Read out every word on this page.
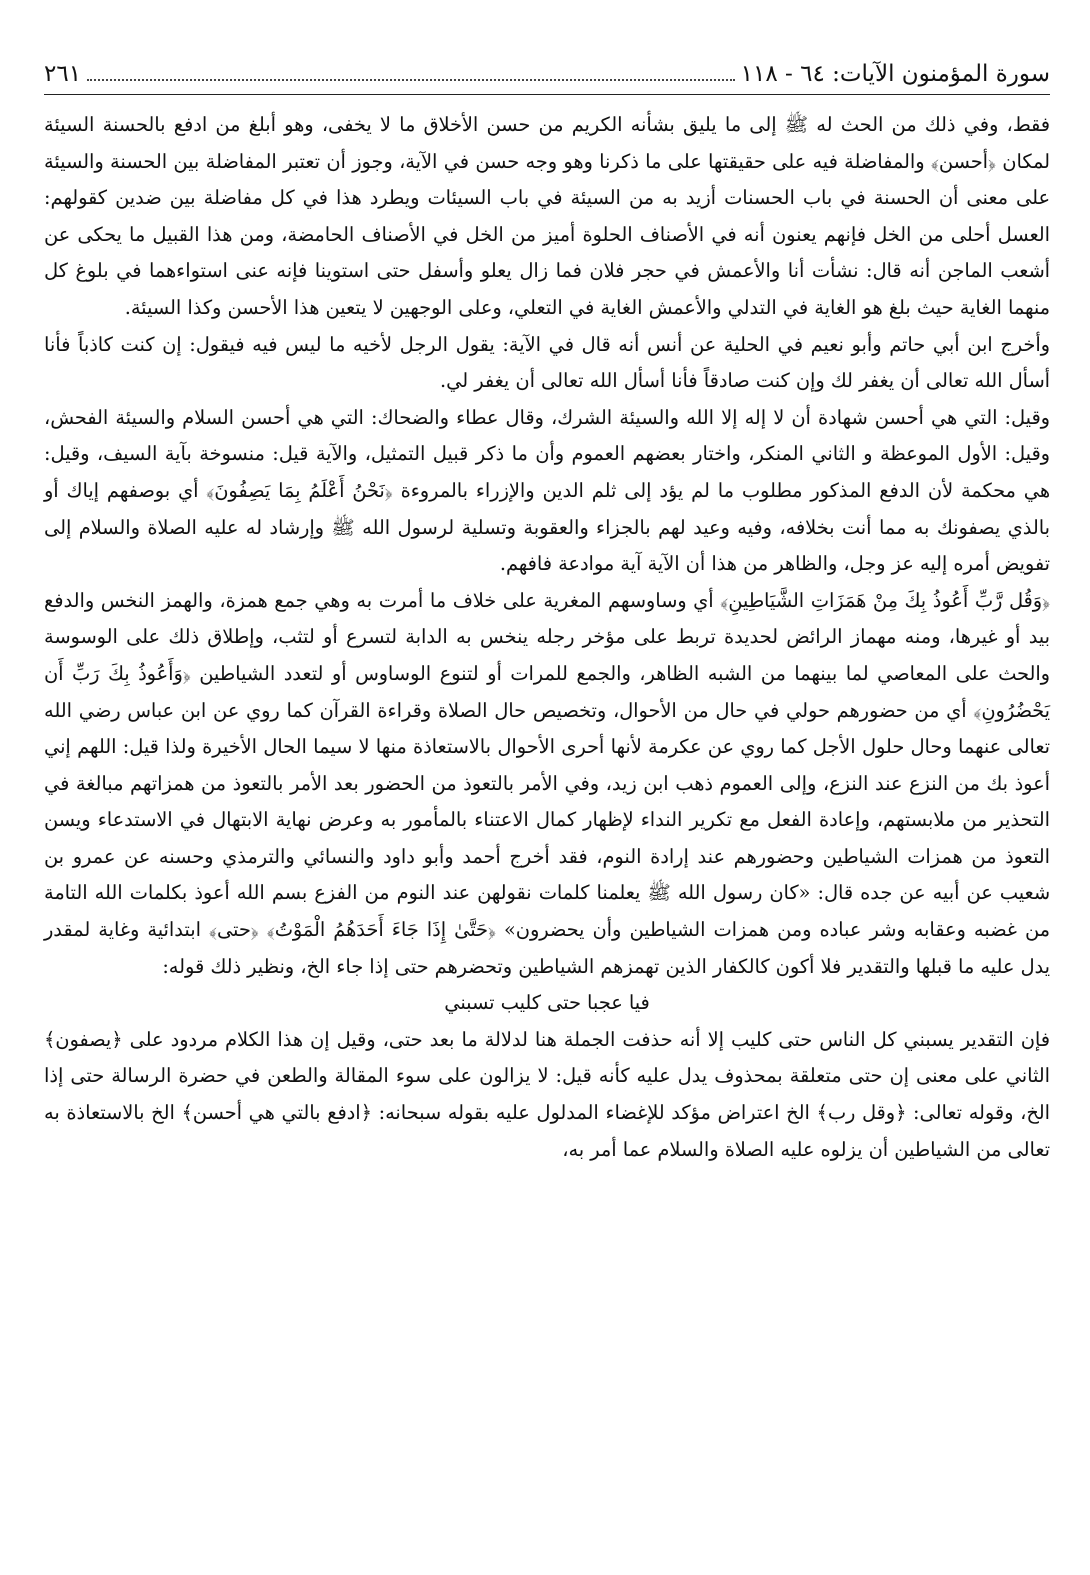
سورة المؤمنون الآيات: ٦٤ - ١١٨
٢٦١

فقط، وفي ذلك من الحث له ﷺ إلى ما يليق بشأنه الكريم من حسن الأخلاق ما لا يخفى، وهو أبلغ من ادفع بالحسنة السيئة لمكان ﴿أحسن﴾ والمفاضلة فيه على حقيقتها على ما ذكرنا وهو وجه حسن في الآية، وجوز أن تعتبر المفاضلة بين الحسنة والسيئة على معنى أن الحسنة في باب الحسنات أزيد به من السيئة في باب السيئات ويطرد هذا في كل مفاضلة بين ضدين كقولهم: العسل أحلى من الخل فإنهم يعنون أنه في الأصناف الحلوة أميز من الخل في الأصناف الحامضة، ومن هذا القبيل ما يحكى عن أشعب الماجن أنه قال: نشأت أنا والأعمش في حجر فلان فما زال يعلو وأسفل حتى استوينا فإنه عنى استواءهما في بلوغ كل منهما الغاية حيث بلغ هو الغاية في التدلي والأعمش الغاية في التعلي، وعلى الوجهين لا يتعين هذا الأحسن وكذا السيئة.

وأخرج ابن أبي حاتم وأبو نعيم في الحلية عن أنس أنه قال في الآية: يقول الرجل لأخيه ما ليس فيه فيقول: إن كنت كاذباً فأنا أسأل الله تعالى أن يغفر لك وإن كنت صادقاً فأنا أسأل الله تعالى أن يغفر لي.

وقيل: التي هي أحسن شهادة أن لا إله إلا الله والسيئة الشرك، وقال عطاء والضحاك: التي هي أحسن السلام والسيئة الفحش، وقيل: الأول الموعظة و الثاني المنكر، واختار بعضهم العموم وأن ما ذكر قبيل التمثيل، والآية قيل: منسوخة بآية السيف، وقيل: هي محكمة لأن الدفع المذكور مطلوب ما لم يؤد إلى ثلم الدين والإزراء بالمروءة ﴿نَحْنُ أَعْلَمُ بِمَا يَصِفُونَ﴾ أي بوصفهم إياك أو بالذي يصفونك به مما أنت بخلافه، وفيه وعيد لهم بالجزاء والعقوبة وتسلية لرسول الله ﷺ وإرشاد له عليه الصلاة والسلام إلى تفويض أمره إليه عز وجل، والظاهر من هذا أن الآية آية موادعة فافهم.

﴿وَقُل رَّبِّ أَعُوذُ بِكَ مِنْ هَمَزَاتِ الشَّيَاطِينِ﴾ أي وساوسهم المغرية على خلاف ما أمرت به وهي جمع همزة، والهمز النخس والدفع بيد أو غيرها، ومنه مهماز الرائض لحديدة تربط على مؤخر رجله ينخس به الدابة لتسرع أو لتثب، وإطلاق ذلك على الوسوسة والحث على المعاصي لما بينهما من الشبه الظاهر، والجمع للمرات أو لتنوع الوساوس أو لتعدد الشياطين ﴿وَأَعُوذُ بِكَ رَبِّ أَن يَحْضُرُونِ﴾ أي من حضورهم حولي في حال من الأحوال، وتخصيص حال الصلاة وقراءة القرآن كما روي عن ابن عباس رضي الله تعالى عنهما وحال حلول الأجل كما روي عن عكرمة لأنها أحرى الأحوال بالاستعاذة منها لا سيما الحال الأخيرة ولذا قيل: اللهم إني أعوذ بك من النزع عند النزع، وإلى العموم ذهب ابن زيد، وفي الأمر بالتعوذ من الحضور بعد الأمر بالتعوذ من همزاتهم مبالغة في التحذير من ملابستهم، وإعادة الفعل مع تكرير النداء لإظهار كمال الاعتناء بالمأمور به وعرض نهاية الابتهال في الاستدعاء ويسن التعوذ من همزات الشياطين وحضورهم عند إرادة النوم، فقد أخرج أحمد وأبو داود والنسائي والترمذي وحسنه عن عمرو بن شعيب عن أبيه عن جده قال: «كان رسول الله ﷺ يعلمنا كلمات نقولهن عند النوم من الفزع بسم الله أعوذ بكلمات الله التامة من غضبه وعقابه وشر عباده ومن همزات الشياطين وأن يحضرون» ﴿حَتَّىٰ إِذَا جَاءَ أَحَدَهُمُ الْمَوْتُ﴾ ﴿حتى﴾ ابتدائية وغاية لمقدر يدل عليه ما قبلها والتقدير فلا أكون كالكفار الذين تهمزهم الشياطين وتحضرهم حتى إذا جاء الخ، ونظير ذلك قوله:

فيا عجبا حتى كليب تسبني

فإن التقدير يسبني كل الناس حتى كليب إلا أنه حذفت الجملة هنا لدلالة ما بعد حتى، وقيل إن هذا الكلام مردود على ﴿يصفون﴾ الثاني على معنى إن حتى متعلقة بمحذوف يدل عليه كأنه قيل: لا يزالون على سوء المقالة والطعن في حضرة الرسالة حتى إذا الخ، وقوله تعالى: ﴿وقل رب﴾ الخ اعتراض مؤكد للإغضاء المدلول عليه بقوله سبحانه: ﴿ادفع بالتي هي أحسن﴾ الخ بالاستعاذة به تعالى من الشياطين أن يزلوه عليه الصلاة والسلام عما أمر به،
